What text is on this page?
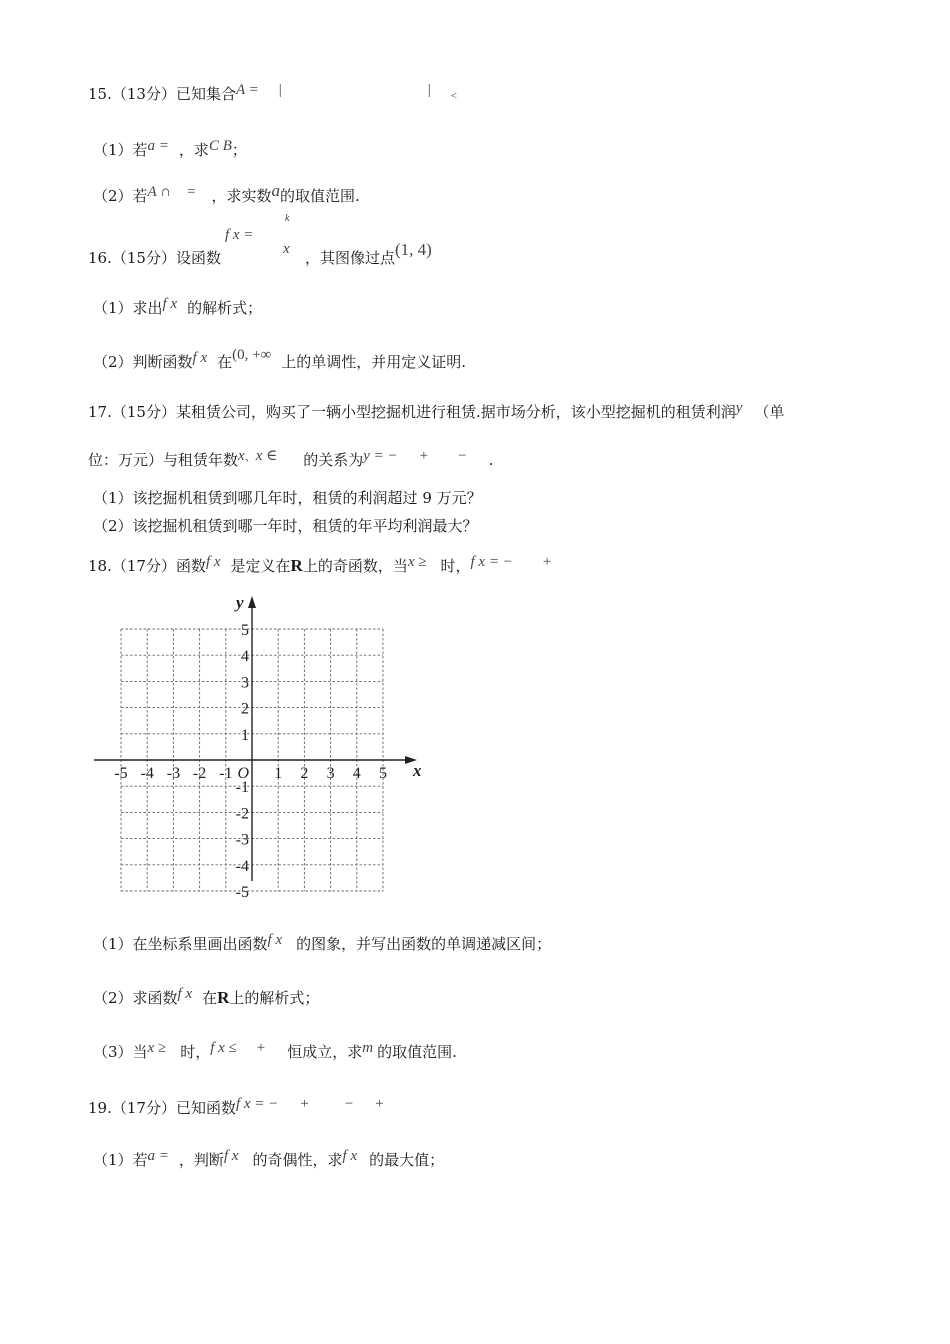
15.（13分）已知集合A = |	| <
（1）若a = ，求C B；
（2）若A ∩ = ，求实数a的取值范围.
16.（15分）设函数
f x =
k
x ，其图像过点(1, 4)
（1）求出f x 的解析式；
（2）判断函数f x 在(0, +∞ 上的单调性，并用定义证明.
17.（15分）某租赁公司，购买了一辆小型挖掘机进行租赁.据市场分析，该小型挖掘机的租赁利润y （单
位：万元）与租赁年数x、x ∈ 的关系为y = − + − .
（1）该挖掘机租赁到哪几年时，租赁的利润超过 9 万元？
（2）该挖掘机租赁到哪一年时，租赁的年平均利润最大？
18.（17分）函数f x 是定义在R上的奇函数，当x ≥ 时，f x = − +
-5 -4 -3 -2 -1	1 2 3 4 5
5
4
3
2
1
-1
-2
-3
-4
-5
O	x
y
（1）在坐标系里画出函数f x 的图象，并写出函数的单调递减区间；
（2）求函数f x 在R上的解析式；
（3）当x ≥ 时，f x ≤ + 恒成立，求m 的取值范围.
19.（17分）已知函数f x = − + − +
（1）若a = ，判断f x 的奇偶性，求f x 的最大值；
